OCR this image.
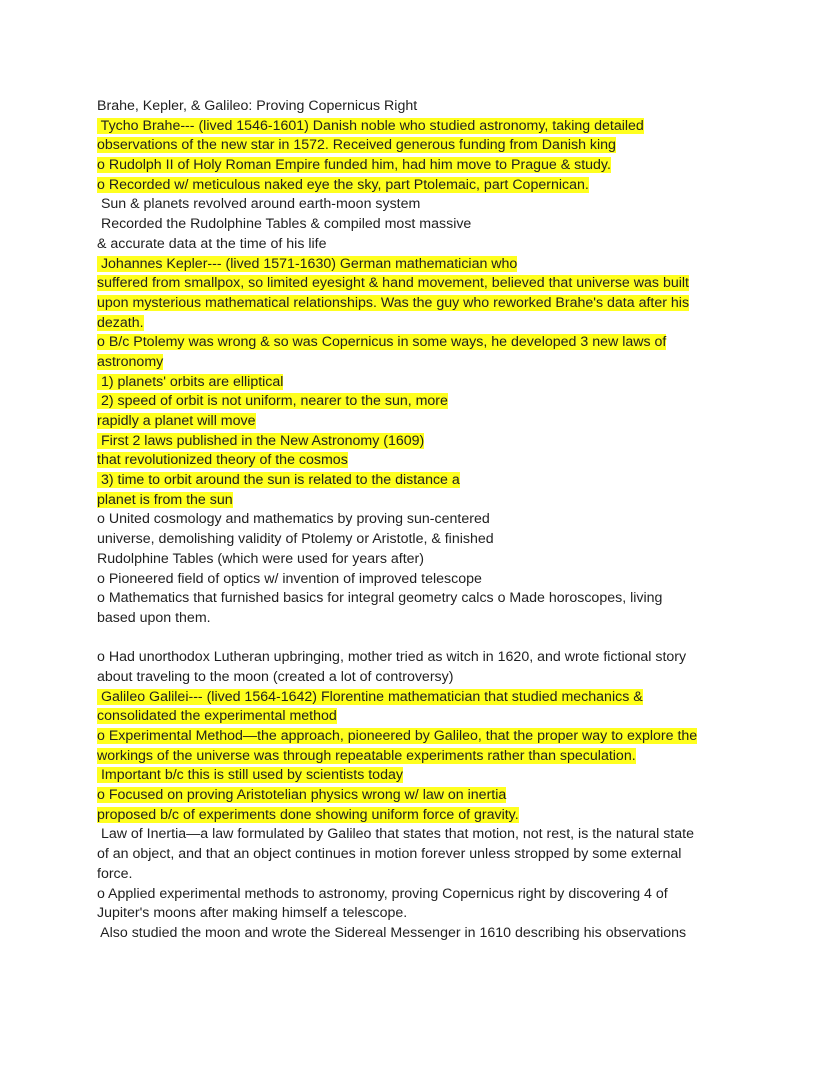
Brahe, Kepler, & Galileo: Proving Copernicus Right
Tycho Brahe--- (lived 1546-1601) Danish noble who studied astronomy, taking detailed
observations of the new star in 1572. Received generous funding from Danish king
o Rudolph II of Holy Roman Empire funded him, had him move to Prague & study.
o Recorded w/ meticulous naked eye the sky, part Ptolemaic, part Copernican.
Sun & planets revolved around earth-moon system
Recorded the Rudolphine Tables & compiled most massive
& accurate data at the time of his life
Johannes Kepler--- (lived 1571-1630) German mathematician who
suffered from smallpox, so limited eyesight & hand movement, believed that universe was built
upon mysterious mathematical relationships. Was the guy who reworked Brahe's data after his
dezath.
o B/c Ptolemy was wrong & so was Copernicus in some ways, he developed 3 new laws of
astronomy
1) planets' orbits are elliptical
2) speed of orbit is not uniform, nearer to the sun, more
rapidly a planet will move
First 2 laws published in the New Astronomy (1609)
that revolutionized theory of the cosmos
3) time to orbit around the sun is related to the distance a
planet is from the sun
o United cosmology and mathematics by proving sun-centered
universe, demolishing validity of Ptolemy or Aristotle, & finished
Rudolphine Tables (which were used for years after)
o Pioneered field of optics w/ invention of improved telescope
o Mathematics that furnished basics for integral geometry calcs o Made horoscopes, living
based upon them.
o Had unorthodox Lutheran upbringing, mother tried as witch in 1620, and wrote fictional story
about traveling to the moon (created a lot of controversy)
Galileo Galilei--- (lived 1564-1642) Florentine mathematician that studied mechanics &
consolidated the experimental method
o Experimental Method—the approach, pioneered by Galileo, that the proper way to explore the
workings of the universe was through repeatable experiments rather than speculation.
Important b/c this is still used by scientists today
o Focused on proving Aristotelian physics wrong w/ law on inertia
proposed b/c of experiments done showing uniform force of gravity.
Law of Inertia—a law formulated by Galileo that states that motion, not rest, is the natural state
of an object, and that an object continues in motion forever unless stropped by some external
force.
o Applied experimental methods to astronomy, proving Copernicus right by discovering 4 of
Jupiter's moons after making himself a telescope.
Also studied the moon and wrote the Sidereal Messenger in 1610 describing his observations
